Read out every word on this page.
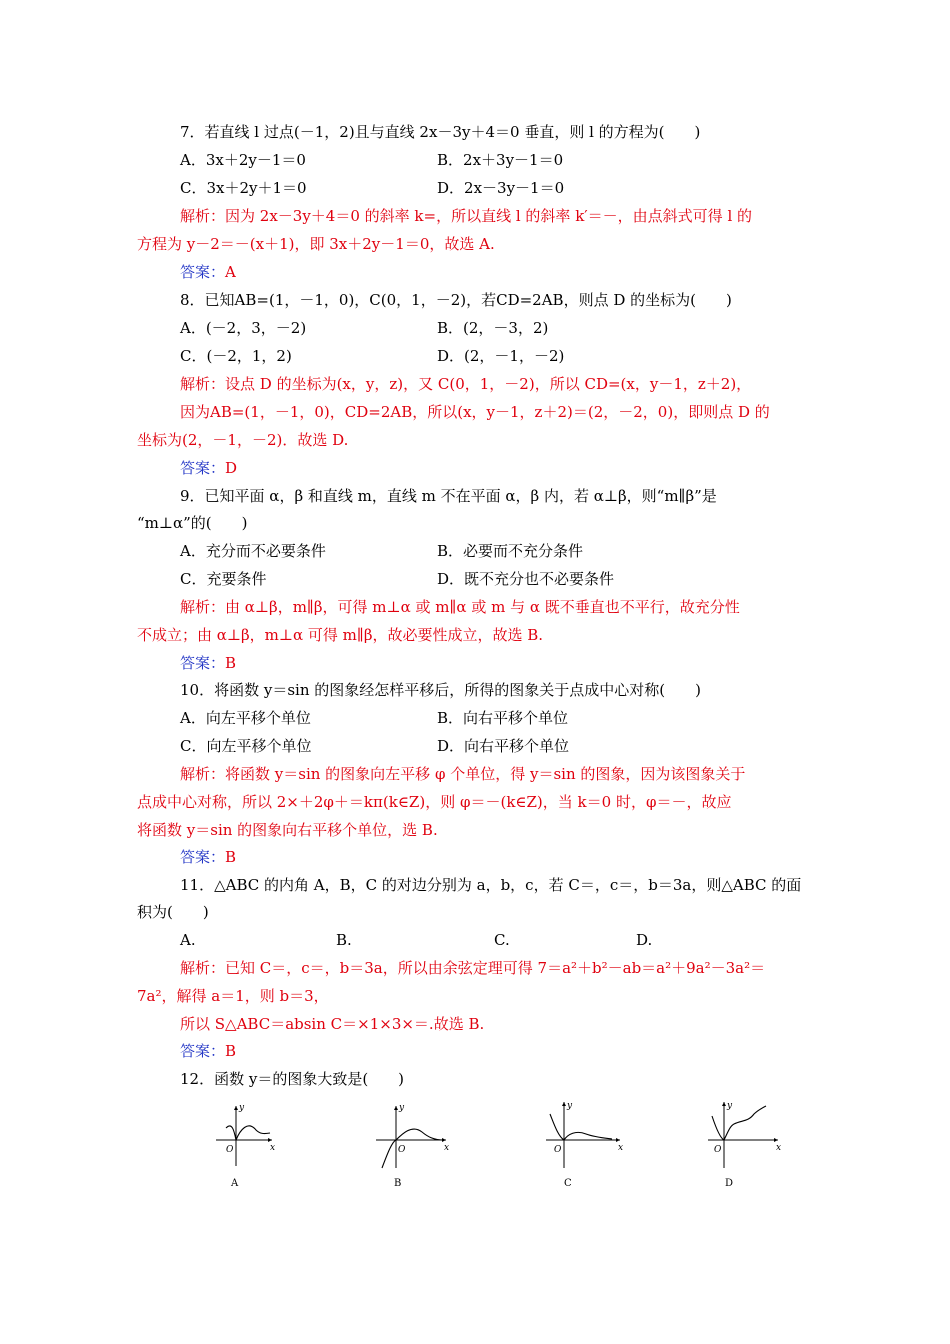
7．若直线 l 过点(－1，2)且与直线 2x－3y＋4＝0 垂直，则 l 的方程为(　　)
A．3x＋2y－1＝0	B．2x＋3y－1＝0
C．3x＋2y＋1＝0	D．2x－3y－1＝0
解析：因为 2x－3y＋4＝0 的斜率 k=，所以直线 l 的斜率 k′＝－，由点斜式可得 l 的
方程为 y－2＝－(x＋1)，即 3x＋2y－1＝0，故选 A.
答案：A
8．已知AB=(1，－1，0)，C(0，1，－2)，若CD=2AB，则点 D 的坐标为(　　)
A．(－2，3，－2)	B．(2，－3，2)
C．(－2，1，2)	D．(2，－1，－2)
解析：设点 D 的坐标为(x，y，z)，又 C(0，1，－2)，所以 CD=(x，y－1，z＋2)，
因为AB=(1，－1，0)，CD=2AB，所以(x，y－1，z＋2)＝(2，－2，0)，即则点 D 的
坐标为(2，－1，－2)．故选 D.
答案：D
9．已知平面 α，β 和直线 m，直线 m 不在平面 α，β 内，若 α⊥β，则“m∥β”是
“m⊥α”的(　　)
A．充分而不必要条件	B．必要而不充分条件
C．充要条件	D．既不充分也不必要条件
解析：由 α⊥β，m∥β，可得 m⊥α 或 m∥α 或 m 与 α 既不垂直也不平行，故充分性
不成立；由 α⊥β，m⊥α 可得 m∥β，故必要性成立，故选 B.
答案：B
10．将函数 y＝sin 的图象经怎样平移后，所得的图象关于点成中心对称(　　)
A．向左平移个单位	B．向右平移个单位
C．向左平移个单位	D．向右平移个单位
解析：将函数 y＝sin 的图象向左平移 φ 个单位，得 y＝sin 的图象，因为该图象关于
点成中心对称，所以 2×＋2φ＋＝kπ(k∈Z)，则 φ＝－(k∈Z)，当 k＝0 时，φ＝－，故应
将函数 y＝sin 的图象向右平移个单位，选 B.
答案：B
11．△ABC 的内角 A，B，C 的对边分别为 a，b，c，若 C＝，c＝，b＝3a，则△ABC 的面
积为(　　)
A.	B.	C.	D.
解析：已知 C＝，c＝，b＝3a，所以由余弦定理可得 7＝a²＋b²－ab＝a²＋9a²－3a²＝
7a²，解得 a＝1，则 b＝3，
所以 S△ABC＝absin C＝×1×3×＝.故选 B.
答案：B
12．函数 y＝的图象大致是(　　)
y
x
O
y
x
O
y
x
O
y
x
O
A	B	C	D
